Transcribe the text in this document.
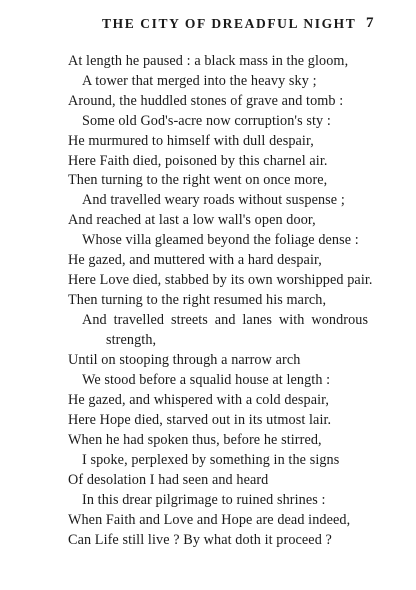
THE CITY OF DREADFUL NIGHT 7
At length he paused : a black mass in the gloom,
A tower that merged into the heavy sky ;
Around, the huddled stones of grave and tomb :
Some old God's-acre now corruption's sty :
He murmured to himself with dull despair,
Here Faith died, poisoned by this charnel air.
Then turning to the right went on once more,
And travelled weary roads without suspense ;
And reached at last a low wall's open door,
Whose villa gleamed beyond the foliage dense :
He gazed, and muttered with a hard despair,
Here Love died, stabbed by its own worshipped pair.
Then turning to the right resumed his march,
And travelled streets and lanes with wondrous
strength,
Until on stooping through a narrow arch
We stood before a squalid house at length :
He gazed, and whispered with a cold despair,
Here Hope died, starved out in its utmost lair.
When he had spoken thus, before he stirred,
I spoke, perplexed by something in the signs
Of desolation I had seen and heard
In this drear pilgrimage to ruined shrines :
When Faith and Love and Hope are dead indeed,
Can Life still live ? By what doth it proceed ?
